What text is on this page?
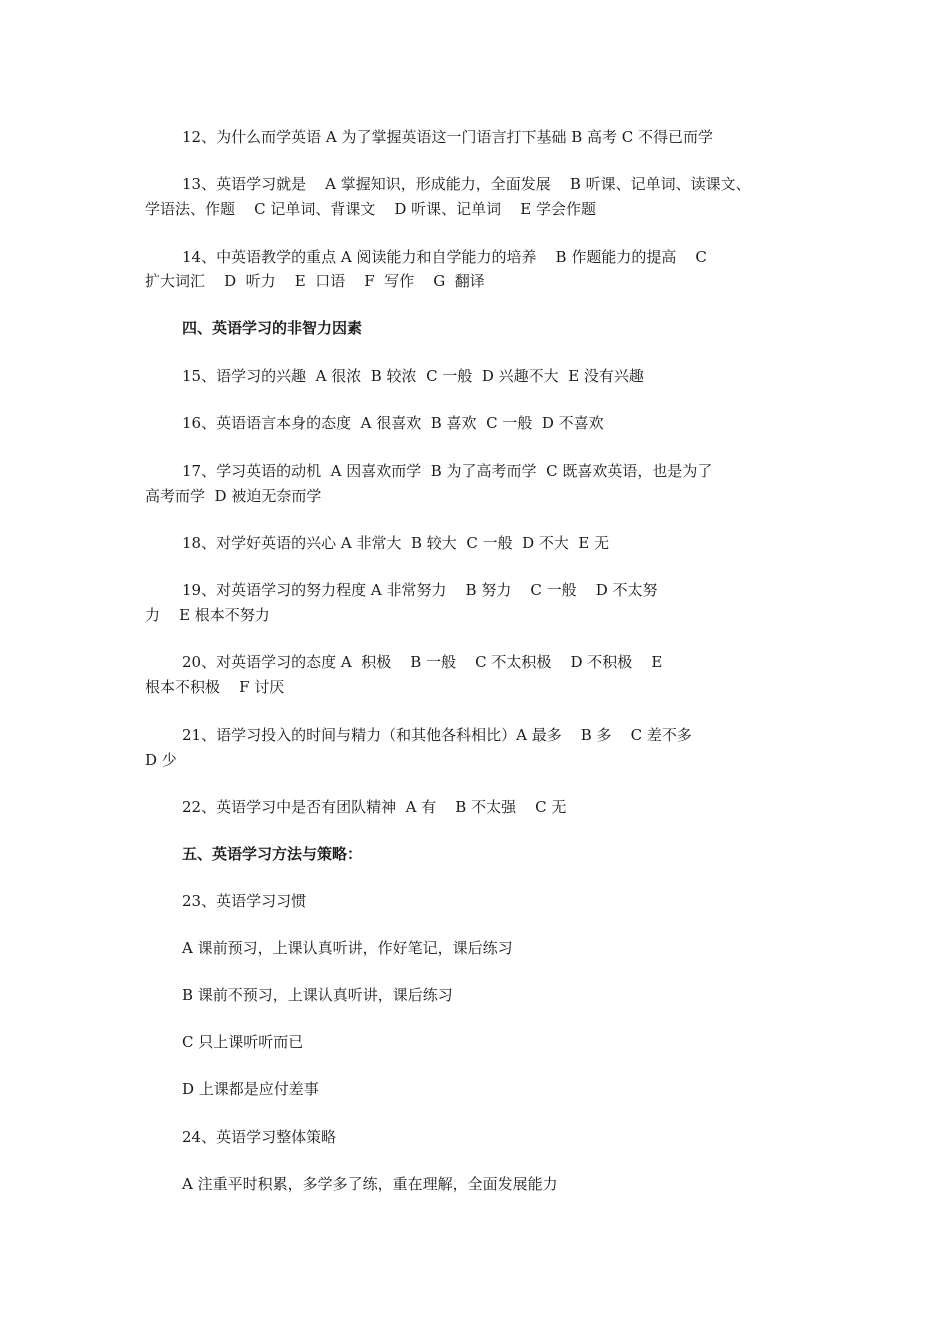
12、为什么而学英语 A 为了掌握英语这一门语言打下基础 B 高考 C 不得已而学
13、英语学习就是    A 掌握知识，形成能力，全面发展    B 听课、记单词、读课文、
学语法、作题    C 记单词、背课文    D 听课、记单词    E 学会作题
14、中英语教学的重点 A 阅读能力和自学能力的培养    B 作题能力的提高    C
扩大词汇    D  听力    E  口语    F  写作    G  翻译
四、英语学习的非智力因素
15、语学习的兴趣  A 很浓  B 较浓  C 一般  D 兴趣不大  E 没有兴趣
16、英语语言本身的态度  A 很喜欢  B 喜欢  C 一般  D 不喜欢
17、学习英语的动机  A 因喜欢而学  B 为了高考而学  C 既喜欢英语，也是为了
高考而学  D 被迫无奈而学
18、对学好英语的兴心 A 非常大  B 较大  C 一般  D 不大  E 无
19、对英语学习的努力程度 A 非常努力    B 努力    C 一般    D 不太努
力    E 根本不努力
20、对英语学习的态度 A  积极    B 一般    C 不太积极    D 不积极    E
根本不积极    F 讨厌
21、语学习投入的时间与精力（和其他各科相比）A 最多    B 多    C 差不多
D 少
22、英语学习中是否有团队精神  A 有    B 不太强    C 无
五、英语学习方法与策略：
23、英语学习习惯
A 课前预习，上课认真听讲，作好笔记，课后练习
B 课前不预习，上课认真听讲，课后练习
C 只上课听听而已
D 上课都是应付差事
24、英语学习整体策略
A 注重平时积累，多学多了练，重在理解，全面发展能力
